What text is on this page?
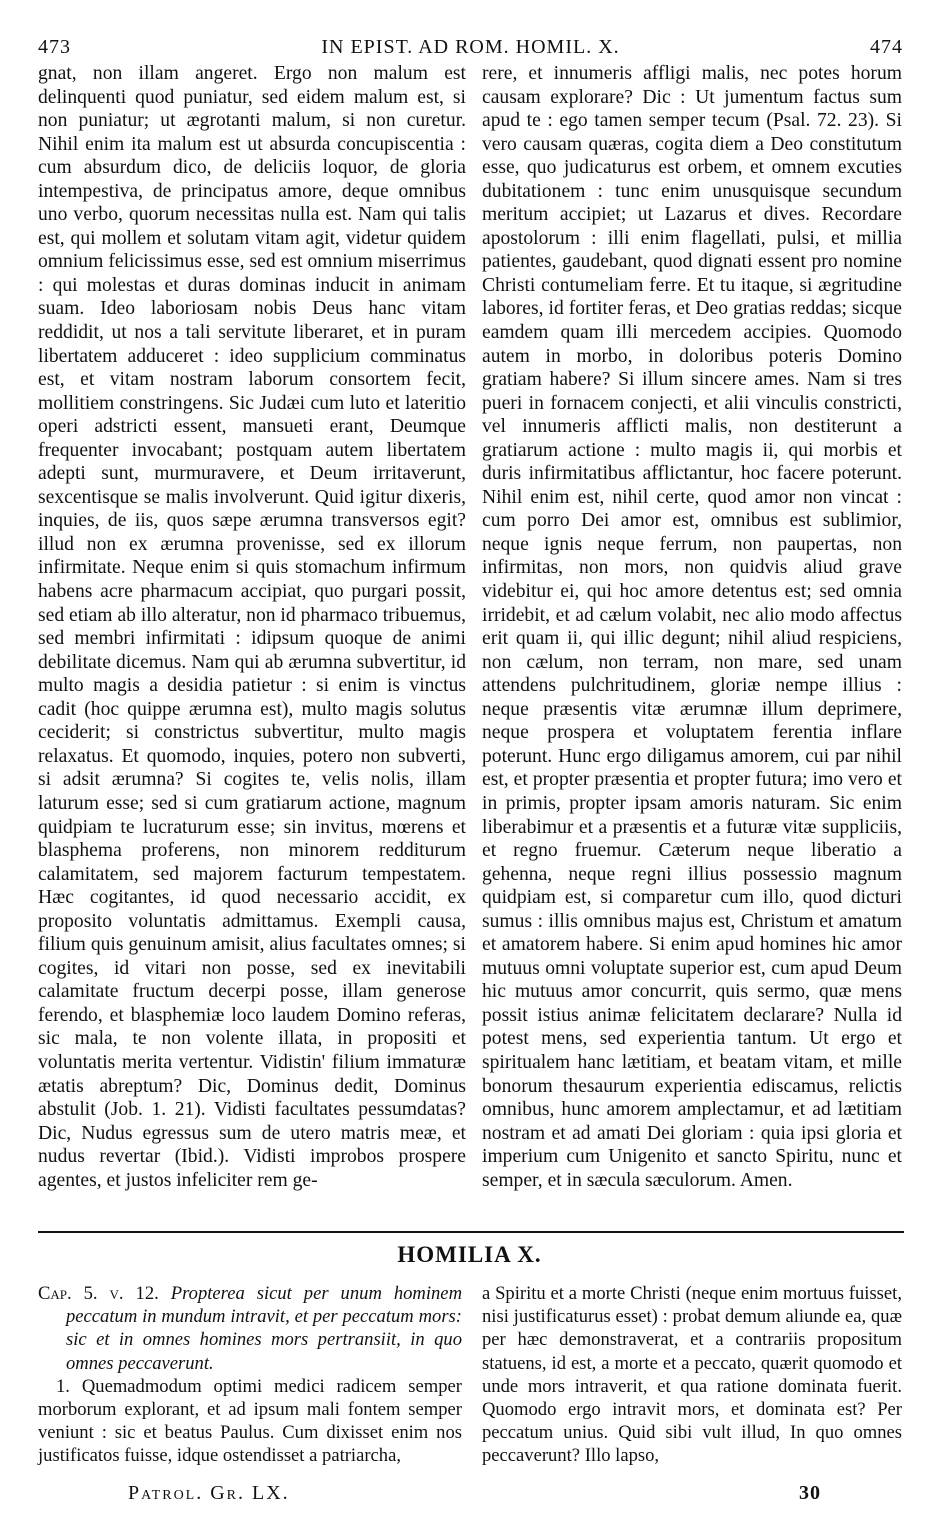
473	IN EPIST. AD ROM. HOMIL. X.	474

gnat, non illam angeret. Ergo non malum est delinquenti quod puniatur, sed eidem malum est, si non puniatur; ut ægrotanti malum, si non curetur. Nihil enim ita malum est ut absurda concupiscentia : cum absurdum dico, de deliciis loquor, de gloria intempestiva, de principatus amore, deque omnibus uno verbo, quorum necessitas nulla est. Nam qui talis est, qui mollem et solutam vitam agit, videtur quidem omnium felicissimus esse, sed est omnium miserrimus : qui molestas et duras dominas inducit in animam suam. Ideo laboriosam nobis Deus hanc vitam reddidit, ut nos a tali servitute liberaret, et in puram libertatem adduceret : ideo supplicium comminatus est, et vitam nostram laborum consortem fecit, mollitiem constringens. Sic Judæi cum luto et lateritio operi adstricti essent, mansueti erant, Deumque frequenter invocabant; postquam autem libertatem adepti sunt, murmuravere, et Deum irritaverunt, sexcentisque se malis involverunt. Quid igitur dixeris, inquies, de iis, quos sæpe ærumna transversos egit? illud non ex ærumna provenisse, sed ex illorum infirmitate. Neque enim si quis stomachum infirmum habens acre pharmacum accipiat, quo purgari possit, sed etiam ab illo alteratur, non id pharmaco tribuemus, sed membri infirmitati : idipsum quoque de animi debilitate dicemus. Nam qui ab ærumna subvertitur, id multo magis a desidia patietur : si enim is vinctus cadit (hoc quippe ærumna est), multo magis solutus ceciderit; si constrictus subvertitur, multo magis relaxatus. Et quomodo, inquies, potero non subverti, si adsit ærumna? Si cogites te, velis nolis, illam laturum esse; sed si cum gratiarum actione, magnum quidpiam te lucraturum esse; sin invitus, mœrens et blasphema proferens, non minorem redditurum calamitatem, sed majorem facturum tempestatem. Hæc cogitantes, id quod necessario accidit, ex proposito voluntatis admittamus. Exempli causa, filium quis genuinum amisit, alius facultates omnes; si cogites, id vitari non posse, sed ex inevitabili calamitate fructum decerpi posse, illam generose ferendo, et blasphemiæ loco laudem Domino referas, sic mala, te non volente illata, in propositi et voluntatis merita vertentur. Vidistin' filium immaturæ ætatis abreptum? Dic, Dominus dedit, Dominus abstulit (Job. 1. 21). Vidisti facultates pessumdatas? Dic, Nudus egressus sum de utero matris meæ, et nudus revertar (Ibid.). Vidisti improbos prospere agentes, et justos infeliciter rem ge-

rere, et innumeris affligi malis, nec potes horum causam explorare? Dic : Ut jumentum factus sum apud te : ego tamen semper tecum (Psal. 72. 23). Si vero causam quæras, cogita diem a Deo constitutum esse, quo judicaturus est orbem, et omnem excuties dubitationem : tunc enim unusquisque secundum meritum accipiet; ut Lazarus et dives. Recordare apostolorum : illi enim flagellati, pulsi, et millia patientes, gaudebant, quod dignati essent pro nomine Christi contumeliam ferre. Et tu itaque, si ægritudine labores, id fortiter feras, et Deo gratias reddas; sicque eamdem quam illi mercedem accipies. Quomodo autem in morbo, in doloribus poteris Domino gratiam habere? Si illum sincere ames. Nam si tres pueri in fornacem conjecti, et alii vinculis constricti, vel innumeris afflicti malis, non destiterunt a gratiarum actione : multo magis ii, qui morbis et duris infirmitatibus afflictantur, hoc facere poterunt. Nihil enim est, nihil certe, quod amor non vincat : cum porro Dei amor est, omnibus est sublimior, neque ignis neque ferrum, non paupertas, non infirmitas, non mors, non quidvis aliud grave videbitur ei, qui hoc amore detentus est; sed omnia irridebit, et ad cælum volabit, nec alio modo affectus erit quam ii, qui illic degunt; nihil aliud respiciens, non cælum, non terram, non mare, sed unam attendens pulchritudinem, gloriæ nempe illius : neque præsentis vitæ ærumnæ illum deprimere, neque prospera et voluptatem ferentia inflare poterunt. Hunc ergo diligamus amorem, cui par nihil est, et propter præsentia et propter futura; imo vero et in primis, propter ipsam amoris naturam. Sic enim liberabimur et a præsentis et a futuræ vitæ suppliciis, et regno fruemur. Cæterum neque liberatio a gehenna, neque regni illius possessio magnum quidpiam est, si comparetur cum illo, quod dicturi sumus : illis omnibus majus est, Christum et amatum et amatorem habere. Si enim apud homines hic amor mutuus omni voluptate superior est, cum apud Deum hic mutuus amor concurrit, quis sermo, quæ mens possit istius animæ felicitatem declarare? Nulla id potest mens, sed experientia tantum. Ut ergo et spiritualem hanc lætitiam, et beatam vitam, et mille bonorum thesaurum experientia ediscamus, relictis omnibus, hunc amorem amplectamur, et ad lætitiam nostram et ad amati Dei gloriam : quia ipsi gloria et imperium cum Unigenito et sancto Spiritu, nunc et semper, et in sæcula sæculorum. Amen.

HOMILIA X.

Cap. 5. v. 12. Propterea sicut per unum hominem peccatum in mundum intravit, et per peccatum mors: sic et in omnes homines mors pertransiit, in quo omnes peccaverunt.

1. Quemadmodum optimi medici radicem semper morborum explorant, et ad ipsum mali fontem semper veniunt : sic et beatus Paulus. Cum dixisset enim nos justificatos fuisse, idque ostendisset a patriarcha,

a Spiritu et a morte Christi (neque enim mortuus fuisset, nisi justificaturus esset) : probat demum aliunde ea, quæ per hæc demonstraverat, et a contrariis propositum statuens, id est, a morte et a peccato, quærit quomodo et unde mors intraverit, et qua ratione dominata fuerit. Quomodo ergo intravit mors, et dominata est? Per peccatum unius. Quid sibi vult illud, In quo omnes peccaverunt? Illo lapso,

Patrol. Gr. LX.	30
